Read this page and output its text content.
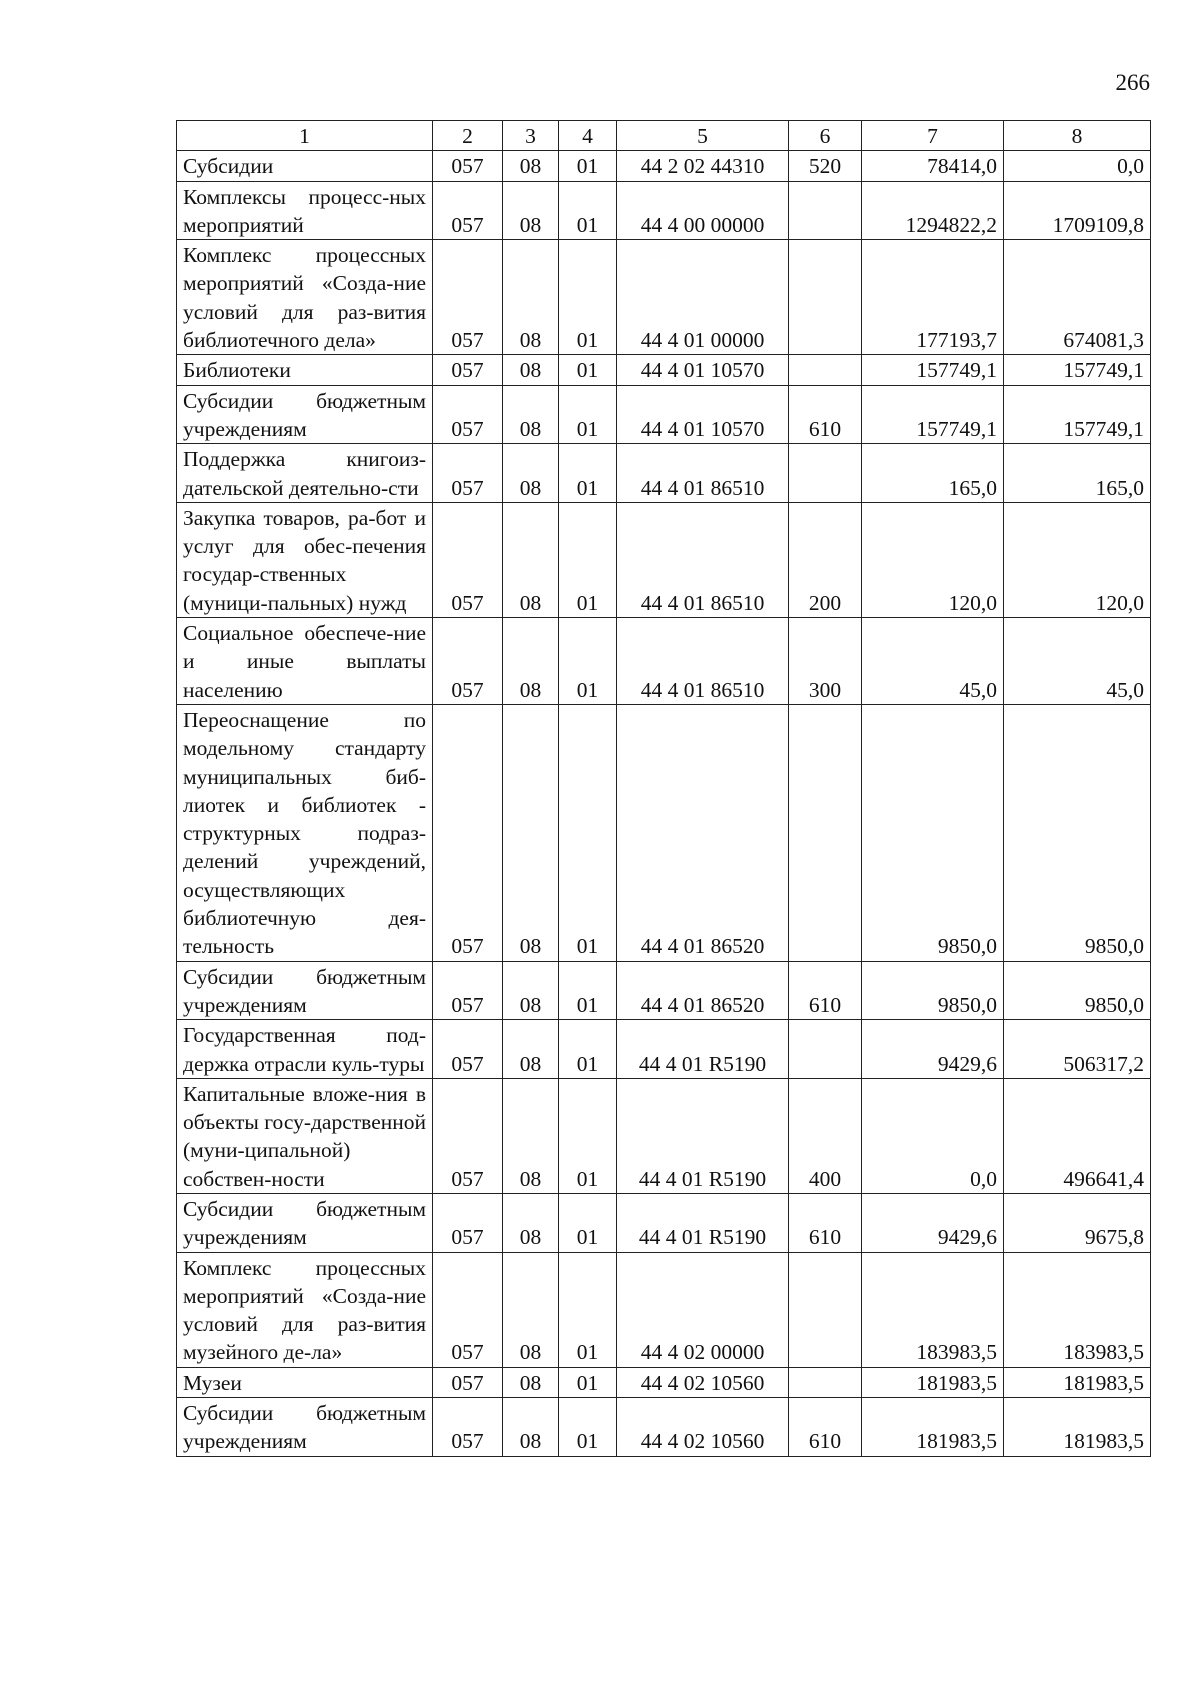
266
1	2	3	4	5	6	7	8
Субсидии	057	08	01	44 2 02 44310	520	78414,0	0,0
Комплексы процесс-ных мероприятий	057	08	01	44 4 00 00000		1294822,2	1709109,8
Комплекс процессных мероприятий «Созда-ние условий для раз-вития библиотечного дела»	057	08	01	44 4 01 00000		177193,7	674081,3
Библиотеки	057	08	01	44 4 01 10570		157749,1	157749,1
Субсидии бюджетным учреждениям	057	08	01	44 4 01 10570	610	157749,1	157749,1
Поддержка книгоиз-дательской деятельно-сти	057	08	01	44 4 01 86510		165,0	165,0
Закупка товаров, ра-бот и услуг для обес-печения государ-ственных (муници-пальных) нужд	057	08	01	44 4 01 86510	200	120,0	120,0
Социальное обеспече-ние и иные выплаты населению	057	08	01	44 4 01 86510	300	45,0	45,0
Переоснащение по модельному стандарту муниципальных биб-лиотек и библиотек - структурных подраз-делений учреждений, осуществляющих библиотечную дея-тельность	057	08	01	44 4 01 86520		9850,0	9850,0
Субсидии бюджетным учреждениям	057	08	01	44 4 01 86520	610	9850,0	9850,0
Государственная под-держка отрасли куль-туры	057	08	01	44 4 01 R5190		9429,6	506317,2
Капитальные вложе-ния в объекты госу-дарственной (муни-ципальной) собствен-ности	057	08	01	44 4 01 R5190	400	0,0	496641,4
Субсидии бюджетным учреждениям	057	08	01	44 4 01 R5190	610	9429,6	9675,8
Комплекс процессных мероприятий «Созда-ние условий для раз-вития музейного де-ла»	057	08	01	44 4 02 00000		183983,5	183983,5
Музеи	057	08	01	44 4 02 10560		181983,5	181983,5
Субсидии бюджетным учреждениям	057	08	01	44 4 02 10560	610	181983,5	181983,5
